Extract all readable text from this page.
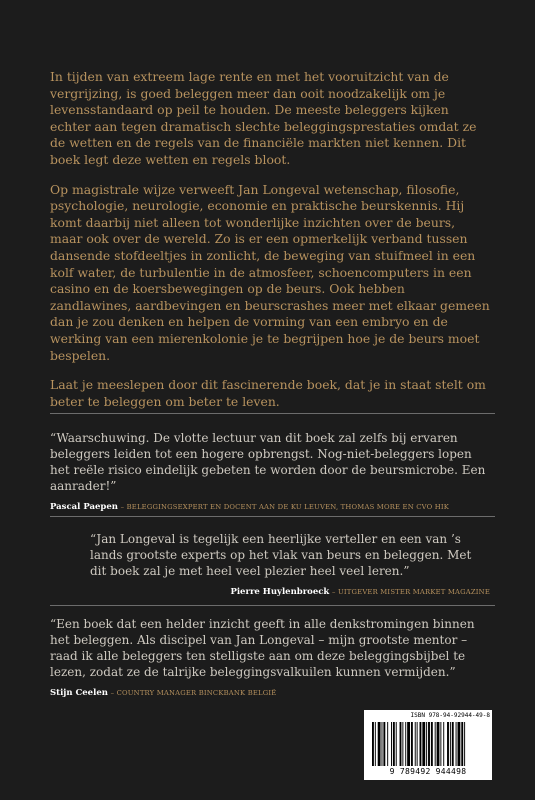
In tijden van extreem lage rente en met het vooruitzicht van de vergrijzing, is goed beleggen meer dan ooit noodzakelijk om je levensstandaard op peil te houden. De meeste beleggers kijken echter aan tegen dramatisch slechte beleggingsprestaties omdat ze de wetten en de regels van de financiële markten niet kennen. Dit boek legt deze wetten en regels bloot.

Op magistrale wijze verweeft Jan Longeval wetenschap, filosofie, psychologie, neurologie, economie en praktische beurskennis. Hij komt daarbij niet alleen tot wonderlijke inzichten over de beurs, maar ook over de wereld. Zo is er een opmerkelijk verband tussen dansende stofdeeltjes in zonlicht, de beweging van stuifmeel in een kolf water, de turbulentie in de atmosfeer, schoencomputers in een casino en de koersbewegingen op de beurs. Ook hebben zandlawines, aardbevingen en beurscrashes meer met elkaar gemeen dan je zou denken en helpen de vorming van een embryo en de werking van een mierenkolonie je te begrijpen hoe je de beurs moet bespelen.

Laat je meeslepen door dit fascinerende boek, dat je in staat stelt om beter te beleggen om beter te leven.

“Waarschuwing. De vlotte lectuur van dit boek zal zelfs bij ervaren beleggers leiden tot een hogere opbrengst. Nog-niet-beleggers lopen het reële risico eindelijk gebeten te worden door de beursmicrobe. Een aanrader!”

Pascal Paepen – BELEGGINGSEXPERT EN DOCENT AAN DE KU LEUVEN, THOMAS MORE EN CVO HIK

“Jan Longeval is tegelijk een heerlijke verteller en een van ’s lands grootste experts op het vlak van beurs en beleggen. Met dit boek zal je met heel veel plezier heel veel leren.”

Pierre Huylenbroeck – UITGEVER MISTER MARKET MAGAZINE

“Een boek dat een helder inzicht geeft in alle denkstromingen binnen het beleggen. Als discipel van Jan Longeval – mijn grootste mentor – raad ik alle beleggers ten stelligste aan om deze beleggingsbijbel te lezen, zodat ze de talrijke beleggingsvalkuilen kunnen vermijden.”

Stijn Ceelen – COUNTRY MANAGER BINCKBANK BELGIË

ISBN 978-94-92944-49-8
9 789492 944498
